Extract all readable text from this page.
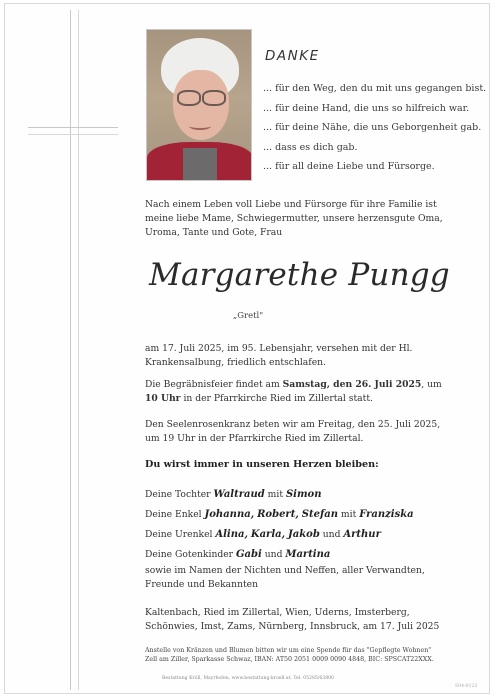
DANKE
... für den Weg, den du mit uns gegangen bist.
... für deine Hand, die uns so hilfreich war.
... für deine Nähe, die uns Geborgenheit gab.
... dass es dich gab.
... für all deine Liebe und Fürsorge.

Nach einem Leben voll Liebe und Fürsorge für ihre Familie ist meine liebe Mame, Schwiegermutter, unsere herzensgute Oma, Uroma, Tante und Gote, Frau

Margarethe Pungg
„Gretl"

am 17. Juli 2025, im 95. Lebensjahr, versehen mit der Hl. Krankensalbung, friedlich entschlafen.

Die Begräbnisfeier findet am Samstag, den 26. Juli 2025, um 10 Uhr in der Pfarrkirche Ried im Zillertal statt.

Den Seelenrosenkranz beten wir am Freitag, den 25. Juli 2025, um 19 Uhr in der Pfarrkirche Ried im Zillertal.

Du wirst immer in unseren Herzen bleiben:
Deine Tochter Waltraud mit Simon
Deine Enkel Johanna, Robert, Stefan mit Franziska
Deine Urenkel Alina, Karla, Jakob und Arthur
Deine Gotenkinder Gabi und Martina

sowie im Namen der Nichten und Neffen, aller Verwandten, Freunde und Bekannten

Kaltenbach, Ried im Zillertal, Wien, Uderns, Imsterberg, Schönwies, Imst, Zams, Nürnberg, Innsbruck, am 17. Juli 2025

Anstelle von Kränzen und Blumen bitten wir um eine Spende für das "Gepflegte Wohnen"
Zell am Ziller, Sparkasse Schwaz, IBAN: AT50 2051 0009 0090 4848, BIC: SPSCAT22XXX.

Bestattung Kröll, Mayrhofen, www.bestattung-kroell.at, Tel. 05285/63800
S04-0123
